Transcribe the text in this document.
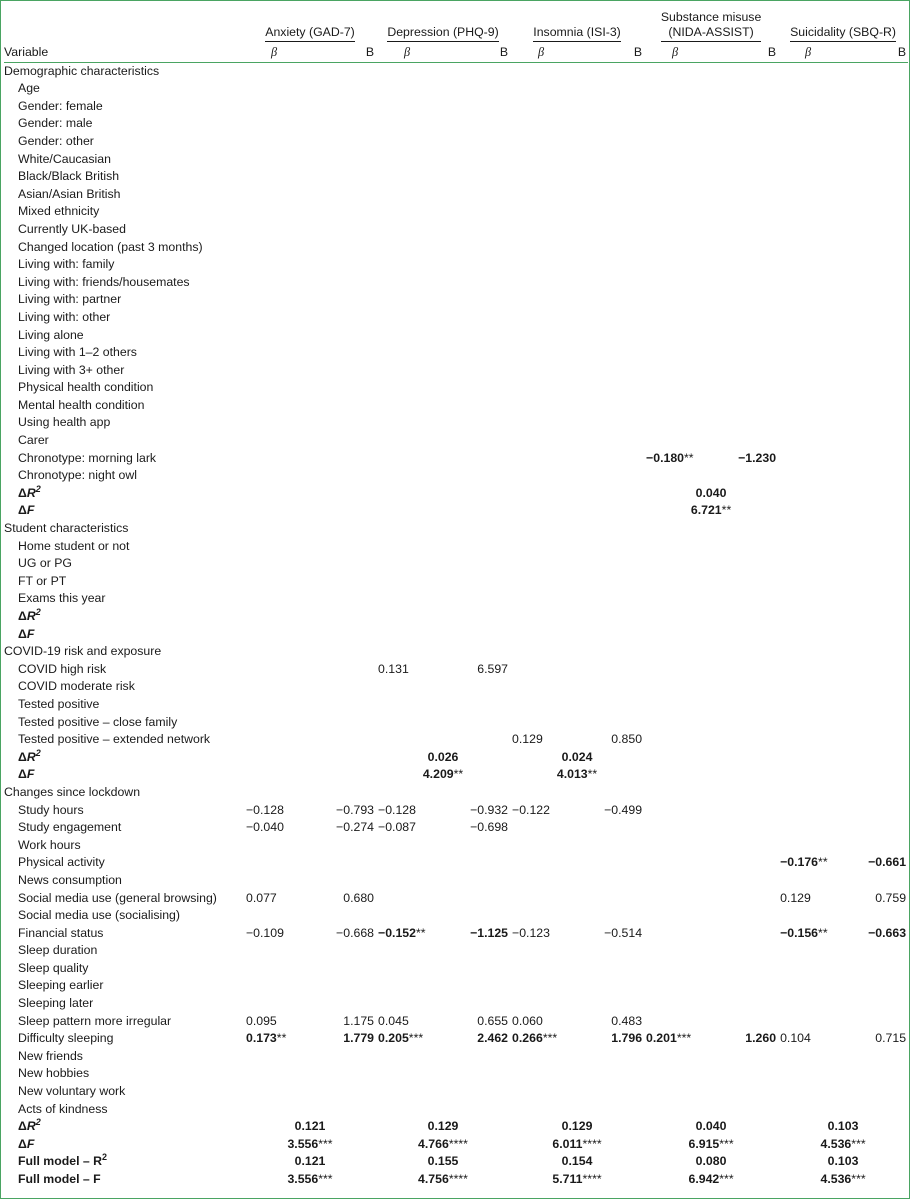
	Anxiety (GAD-7)		Depression (PHQ-9)		Insomnia (ISI-3)		Substance misuse
(NIDA-ASSIST)		Suicidality (SBQ-R)	
Variable	β	B	β	B	β	B	β	B	β	B
Demographic characteristics										
Age										
Gender: female										
Gender: male										
Gender: other										
White/Caucasian										
Black/Black British										
Asian/Asian British										
Mixed ethnicity										
Currently UK-based										
Changed location (past 3 months)										
Living with: family										
Living with: friends/housemates										
Living with: partner										
Living with: other										
Living alone										
Living with 1–2 others										
Living with 3+ other										
Physical health condition										
Mental health condition										
Using health app										
Carer										
Chronotype: morning lark							−0.180**	−1.230		
Chronotype: night owl										
$\Delta R^2$							0.040			
ΔF							6.721**			
Student characteristics										
Home student or not										
UG or PG										
FT or PT										
Exams this year										
$\Delta R^2$					
ΔF										
COVID-19 risk and exposure										
COVID high risk			0.131	6.597						
COVID moderate risk										
Tested positive										
Tested positive – close family										
Tested positive – extended network					0.129	0.850				
$\Delta R^2$			0.026		0.024					
ΔF			4.209**		4.013**					
Changes since lockdown										
Study hours	−0.128	−0.793	−0.128	−0.932	−0.122	−0.499				
Study engagement	−0.040	−0.274	−0.087	−0.698						
Work hours										
Physical activity									−0.176**	−0.661
News consumption										
Social media use (general browsing)	0.077	0.680							0.129	0.759
Social media use (socialising)										
Financial status	−0.109	−0.668	−0.152**	−1.125	−0.123	−0.514			−0.156**	−0.663
Sleep duration										
Sleep quality										
Sleeping earlier										
Sleeping later										
Sleep pattern more irregular	0.095	1.175	0.045	0.655	0.060	0.483				
Difficulty sleeping	0.173**	1.779	0.205***	2.462	0.266***	1.796	0.201***	1.260	0.104	0.715
New friends										
New hobbies										
New voluntary work										
Acts of kindness										
$\Delta R^2$	0.121		0.129		0.129		0.040		0.103	
ΔF	3.556***		4.766****		6.011****		6.915***		4.536***	
Full model – $R^2$	0.121		0.155		0.154		0.080		0.103	
Full model – F	3.556***		4.756****		5.711****		6.942***		4.536***	
